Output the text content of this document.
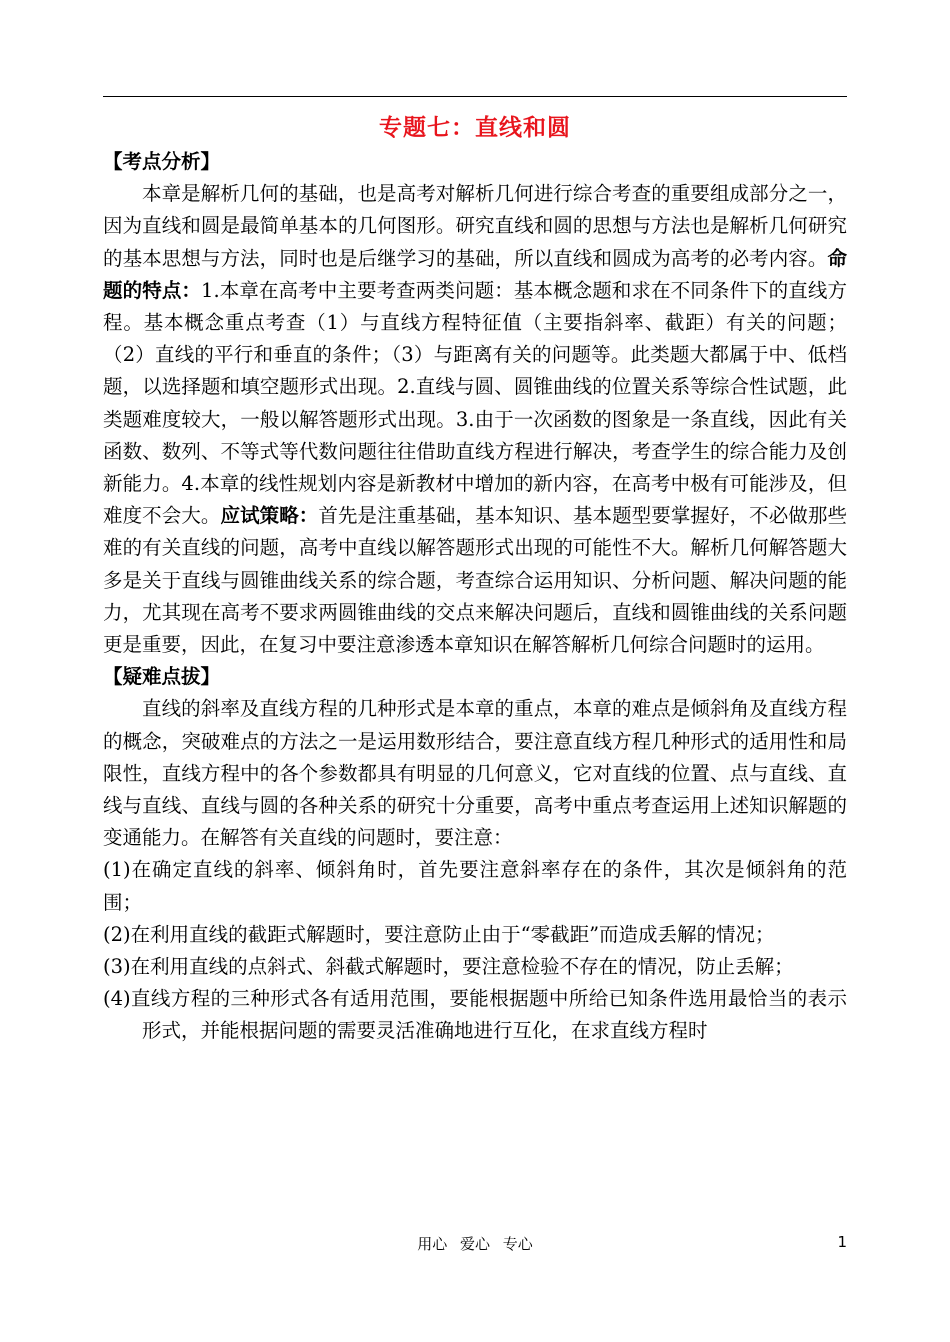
专题七：直线和圆
【考点分析】

本章是解析几何的基础，也是高考对解析几何进行综合考查的重要组成部分之一，因为直线和圆是最简单基本的几何图形。研究直线和圆的思想与方法也是解析几何研究的基本思想与方法，同时也是后继学习的基础，所以直线和圆成为高考的必考内容。命题的特点：1.本章在高考中主要考查两类问题：基本概念题和求在不同条件下的直线方程。基本概念重点考查（1）与直线方程特征值（主要指斜率、截距）有关的问题；（2）直线的平行和垂直的条件；（3）与距离有关的问题等。此类题大都属于中、低档题，以选择题和填空题形式出现。2.直线与圆、圆锥曲线的位置关系等综合性试题，此类题难度较大，一般以解答题形式出现。3.由于一次函数的图象是一条直线，因此有关函数、数列、不等式等代数问题往往借助直线方程进行解决，考查学生的综合能力及创新能力。4.本章的线性规划内容是新教材中增加的新内容，在高考中极有可能涉及，但难度不会大。应试策略：首先是注重基础，基本知识、基本题型要掌握好，不必做那些难的有关直线的问题，高考中直线以解答题形式出现的可能性不大。解析几何解答题大多是关于直线与圆锥曲线关系的综合题，考查综合运用知识、分析问题、解决问题的能力，尤其现在高考不要求两圆锥曲线的交点来解决问题后，直线和圆锥曲线的关系问题更是重要，因此，在复习中要注意渗透本章知识在解答解析几何综合问题时的运用。

【疑难点拔】

直线的斜率及直线方程的几种形式是本章的重点，本章的难点是倾斜角及直线方程的概念，突破难点的方法之一是运用数形结合，要注意直线方程几种形式的适用性和局限性，直线方程中的各个参数都具有明显的几何意义，它对直线的位置、点与直线、直线与直线、直线与圆的各种关系的研究十分重要，高考中重点考查运用上述知识解题的变通能力。在解答有关直线的问题时，要注意：

(1)在确定直线的斜率、倾斜角时，首先要注意斜率存在的条件，其次是倾斜角的范围；

(2)在利用直线的截距式解题时，要注意防止由于“零截距”而造成丢解的情况；

(3)在利用直线的点斜式、斜截式解题时，要注意检验不存在的情况，防止丢解；

(4)直线方程的三种形式各有适用范围，要能根据题中所给已知条件选用最恰当的表示形式，并能根据问题的需要灵活准确地进行互化，在求直线方程时

用心 爱心 专心	1
